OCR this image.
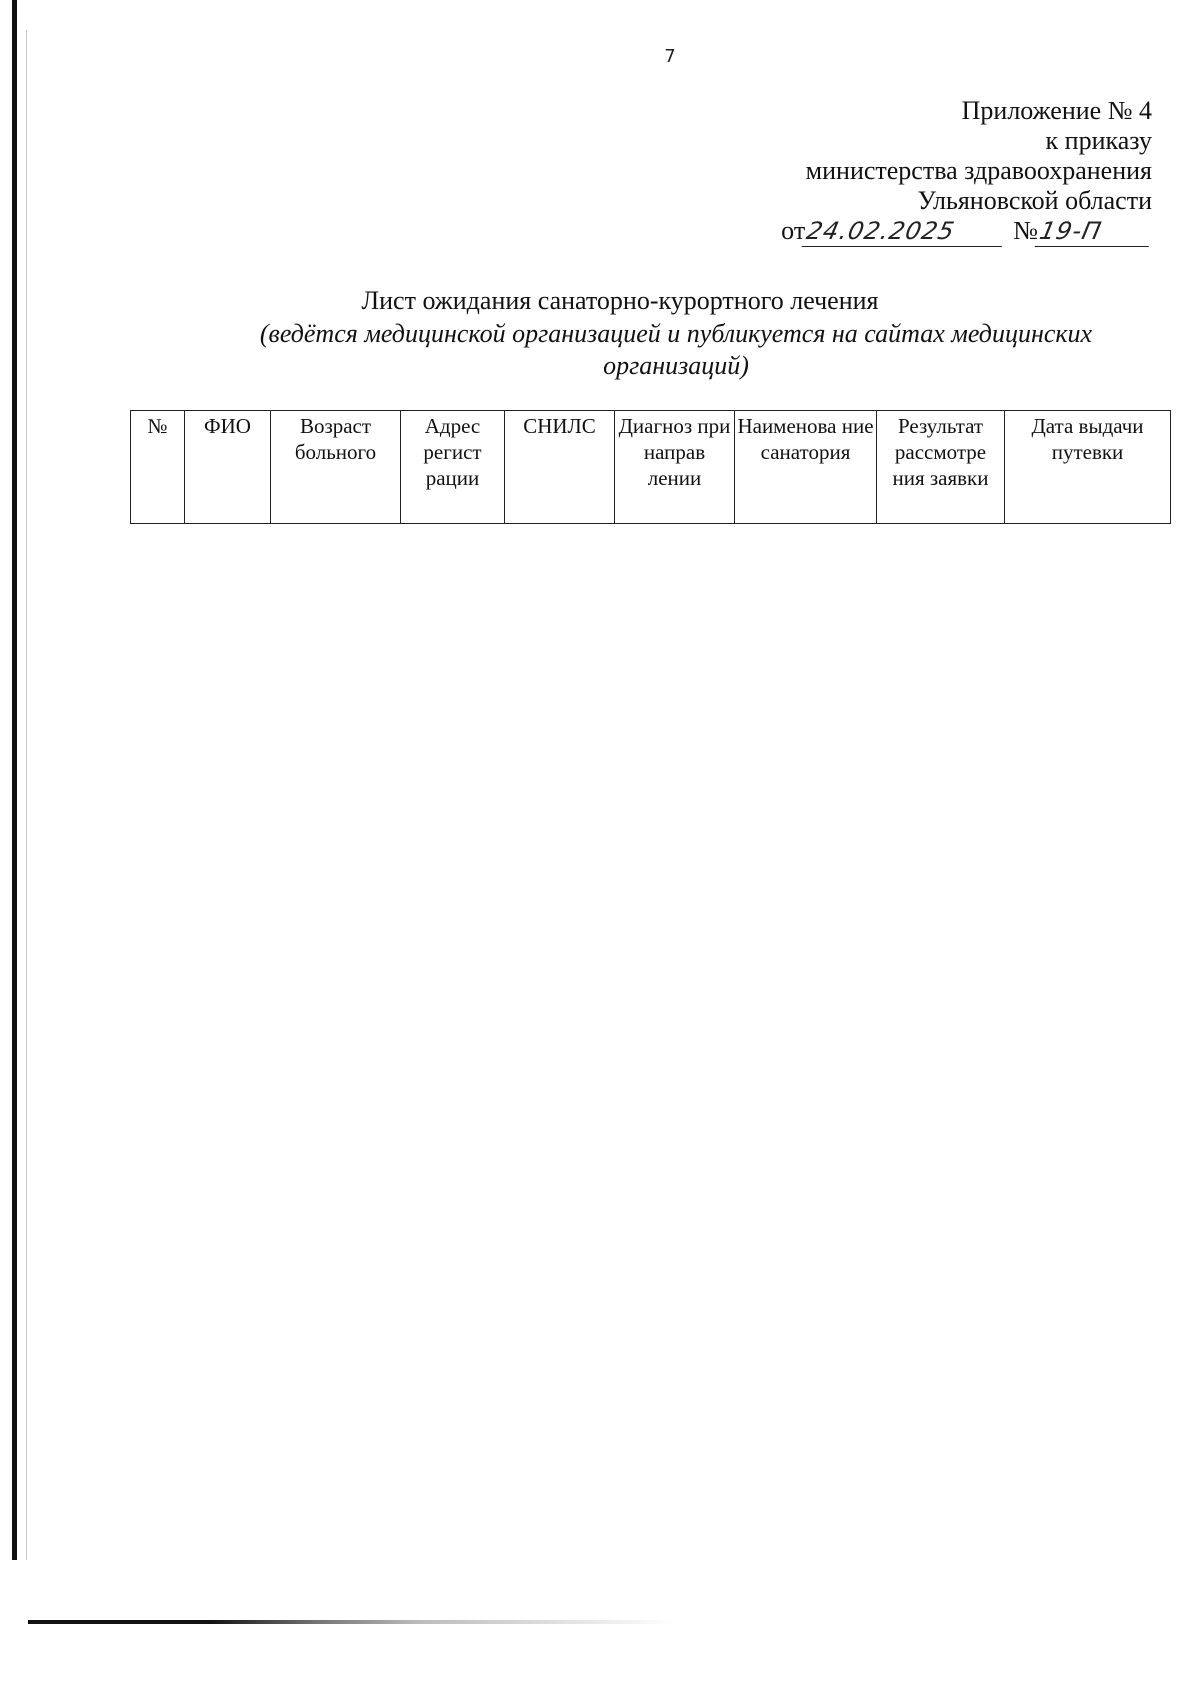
7
Приложение № 4
к приказу
министерства здравоохранения
Ульяновской области
от 24.02.2025	№ 19-П
Лист ожидания санаторно-курортного лечения
(ведётся медицинской организацией и публикуется на сайтах медицинских организаций)
№	ФИО	Возраст больного	Адрес регист рации	СНИЛС	Диагноз при направ лении	Наименова ние санатория	Результат рассмотре ния заявки	Дата выдачи путевки
